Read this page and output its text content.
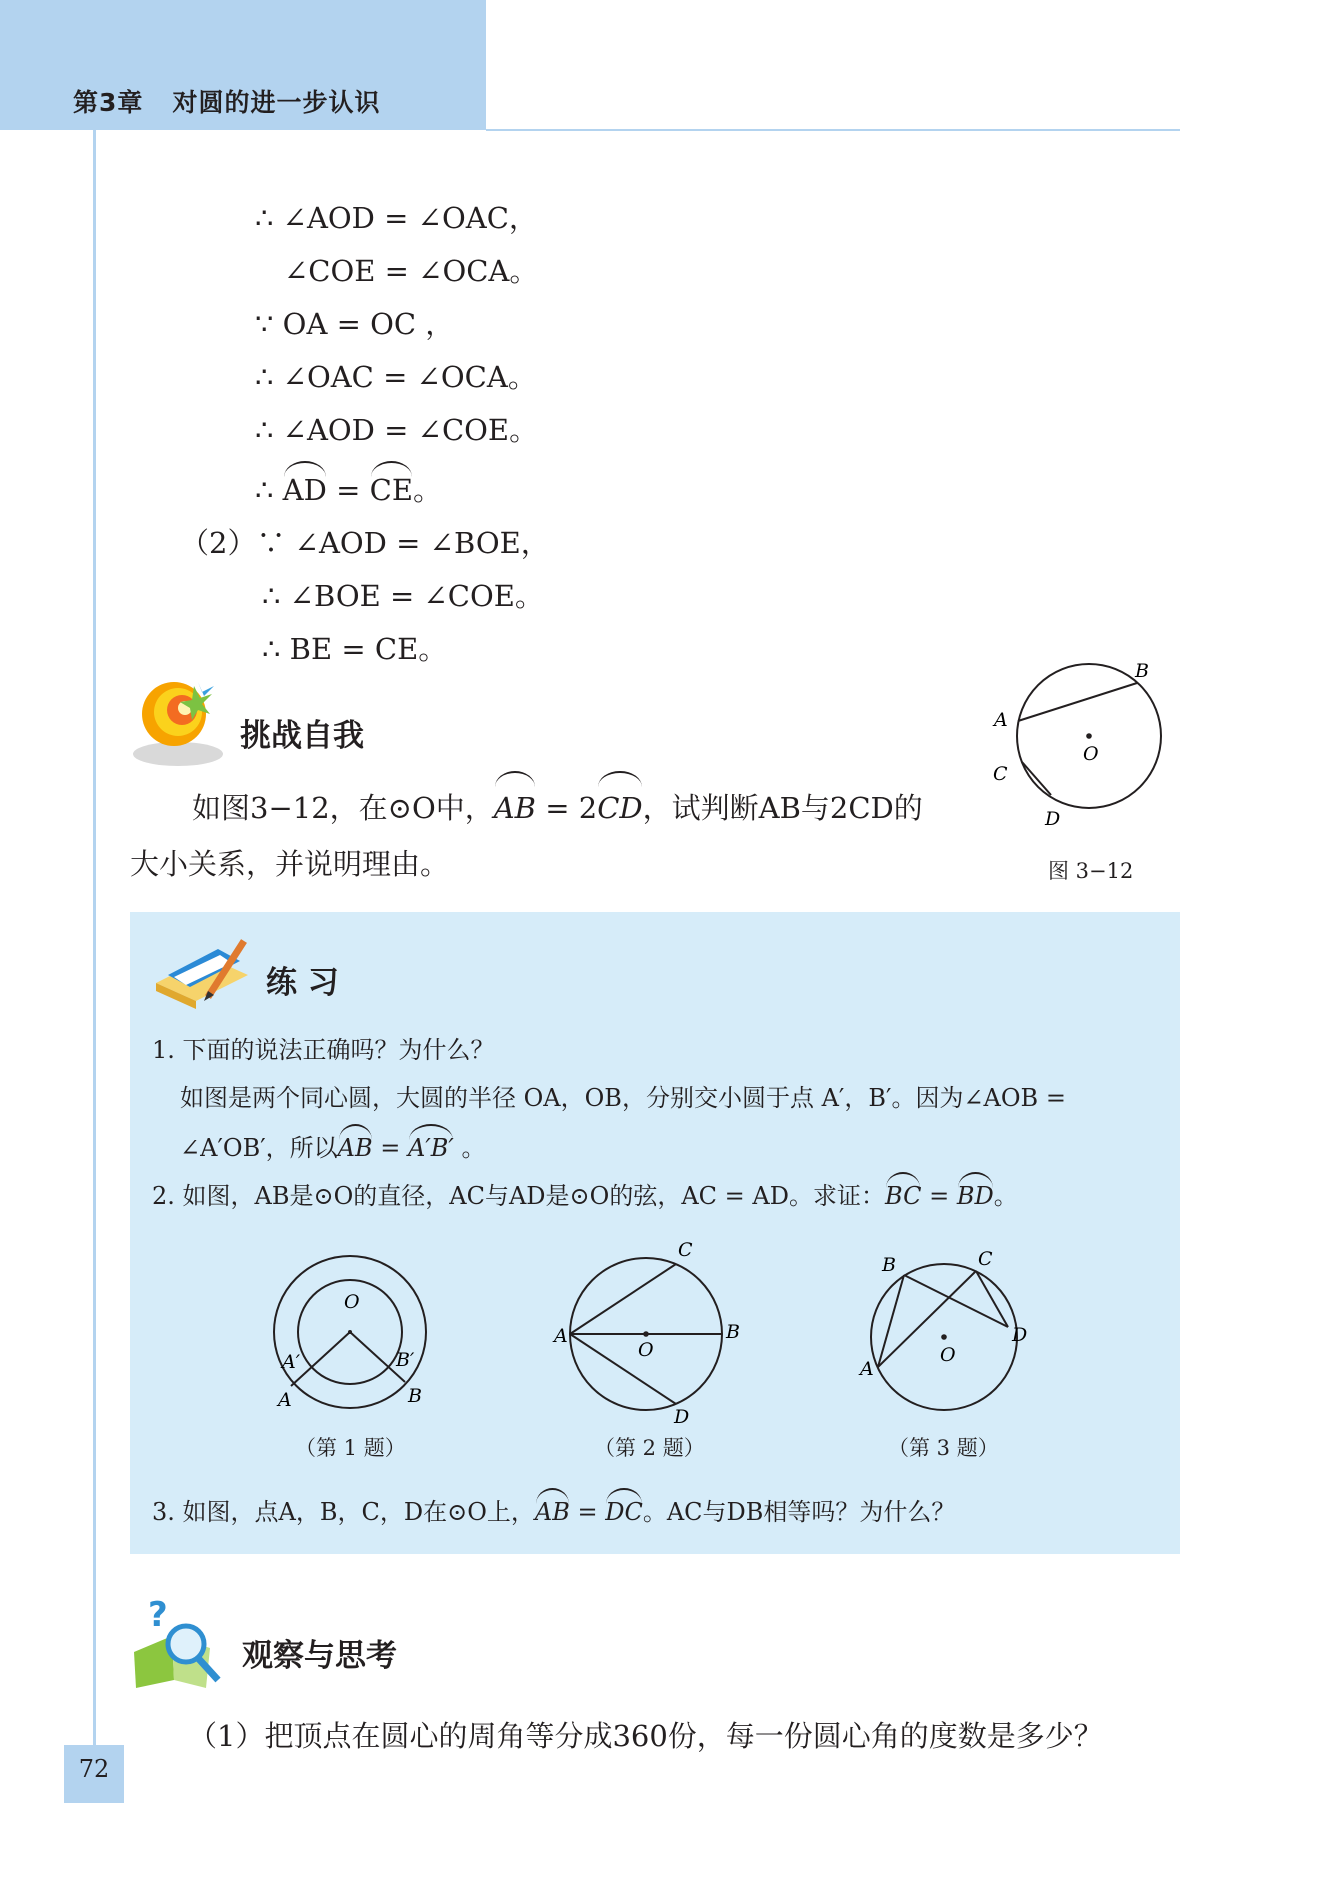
第3章 对圆的进一步认识
∴ ∠AOD = ∠OAC，
∠COE = ∠OCA。
∵ OA = OC ，
∴ ∠OAC = ∠OCA。
∴ ∠AOD = ∠COE。
∴ AD = CE。
（2）∵ ∠AOD = ∠BOE，
∴ ∠BOE = ∠COE。
∴ BE = CE。
挑战自我
如图3−12，在⊙O中，AB = 2CD，试判断AB与2CD的
大小关系，并说明理由。
B
A
O
C
D
图 3−12
练 习
1. 下面的说法正确吗？为什么？
如图是两个同心圆，大圆的半径 OA，OB，分别交小圆于点 A′，B′。因为∠AOB =
∠A′OB′，所以AB = A′B′ 。
2. 如图，AB是⊙O的直径，AC与AD是⊙O的弦，AC = AD。求证：BC = BD。
O
A′	B′
A	B
（第 1 题）
C
A
O
B
D
（第 2 题）
B	C
A
O
D
（第 3 题）
3. 如图，点A，B，C，D在⊙O上，AB = DC。AC与DB相等吗？为什么？
?
观察与思考
（1）把顶点在圆心的周角等分成360份，每一份圆心角的度数是多少？
72
